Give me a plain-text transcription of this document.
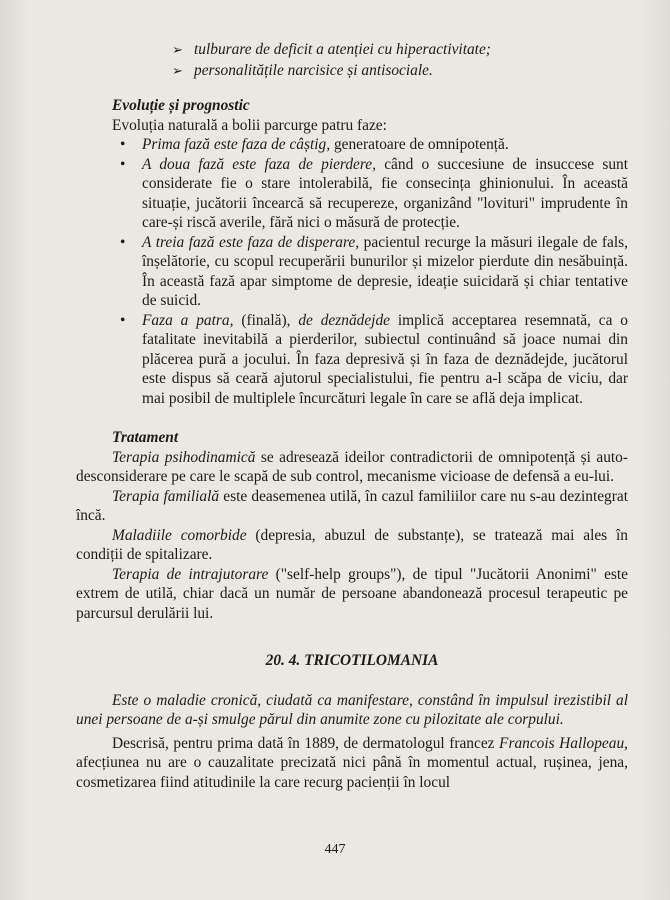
➢ tulburare de deficit a atenției cu hiperactivitate;
➢ personalitățile narcisice și antisociale.
Evoluție și prognostic
Evoluția naturală a bolii parcurge patru faze:
• Prima fază este faza de câștig, generatoare de omnipotență.
• A doua fază este faza de pierdere, când o succesiune de insuccese sunt considerate fie o stare intolerabilă, fie consecința ghinionului. În această situație, jucătorii încearcă să recupereze, organizând "lovituri" imprudente în care-și riscă averile, fără nici o măsură de protecție.
• A treia fază este faza de disperare, pacientul recurge la măsuri ilegale de fals, înșelătorie, cu scopul recuperării bunurilor și mizelor pierdute din nesăbuință. În această fază apar simptome de depresie, ideație suicidară și chiar tentative de suicid.
• Faza a patra, (finală), de deznădejde implică acceptarea resemnată, ca o fatalitate inevitabilă a pierderilor, subiectul continuând să joace numai din plăcerea pură a jocului. În faza depresivă și în faza de deznădejde, jucătorul este dispus să ceară ajutorul specialistului, fie pentru a-l scăpa de viciu, dar mai posibil de multiplele încurcături legale în care se află deja implicat.
Tratament

Terapia psihodinamică se adresează ideilor contradictorii de omnipotență și auto-desconsiderare pe care le scapă de sub control, mecanisme vicioase de defensă a eu-lui.

Terapia familială este deasemenea utilă, în cazul familiilor care nu s-au dezintegrat încă.

Maladiile comorbide (depresia, abuzul de substanțe), se tratează mai ales în condiții de spitalizare.

Terapia de intrajutorare ("self-help groups"), de tipul "Jucătorii Anonimi" este extrem de utilă, chiar dacă un număr de persoane abandonează procesul terapeutic pe parcursul derulării lui.

20. 4. TRICOTILOMANIA

Este o maladie cronică, ciudată ca manifestare, constând în impulsul irezistibil al unei persoane de a-și smulge părul din anumite zone cu pilozitate ale corpului.

Descrisă, pentru prima dată în 1889, de dermatologul francez Francois Hallopeau, afecțiunea nu are o cauzalitate precizată nici până în momentul actual, rușinea, jena, cosmetizarea fiind atitudinile la care recurg pacienții în locul

447
